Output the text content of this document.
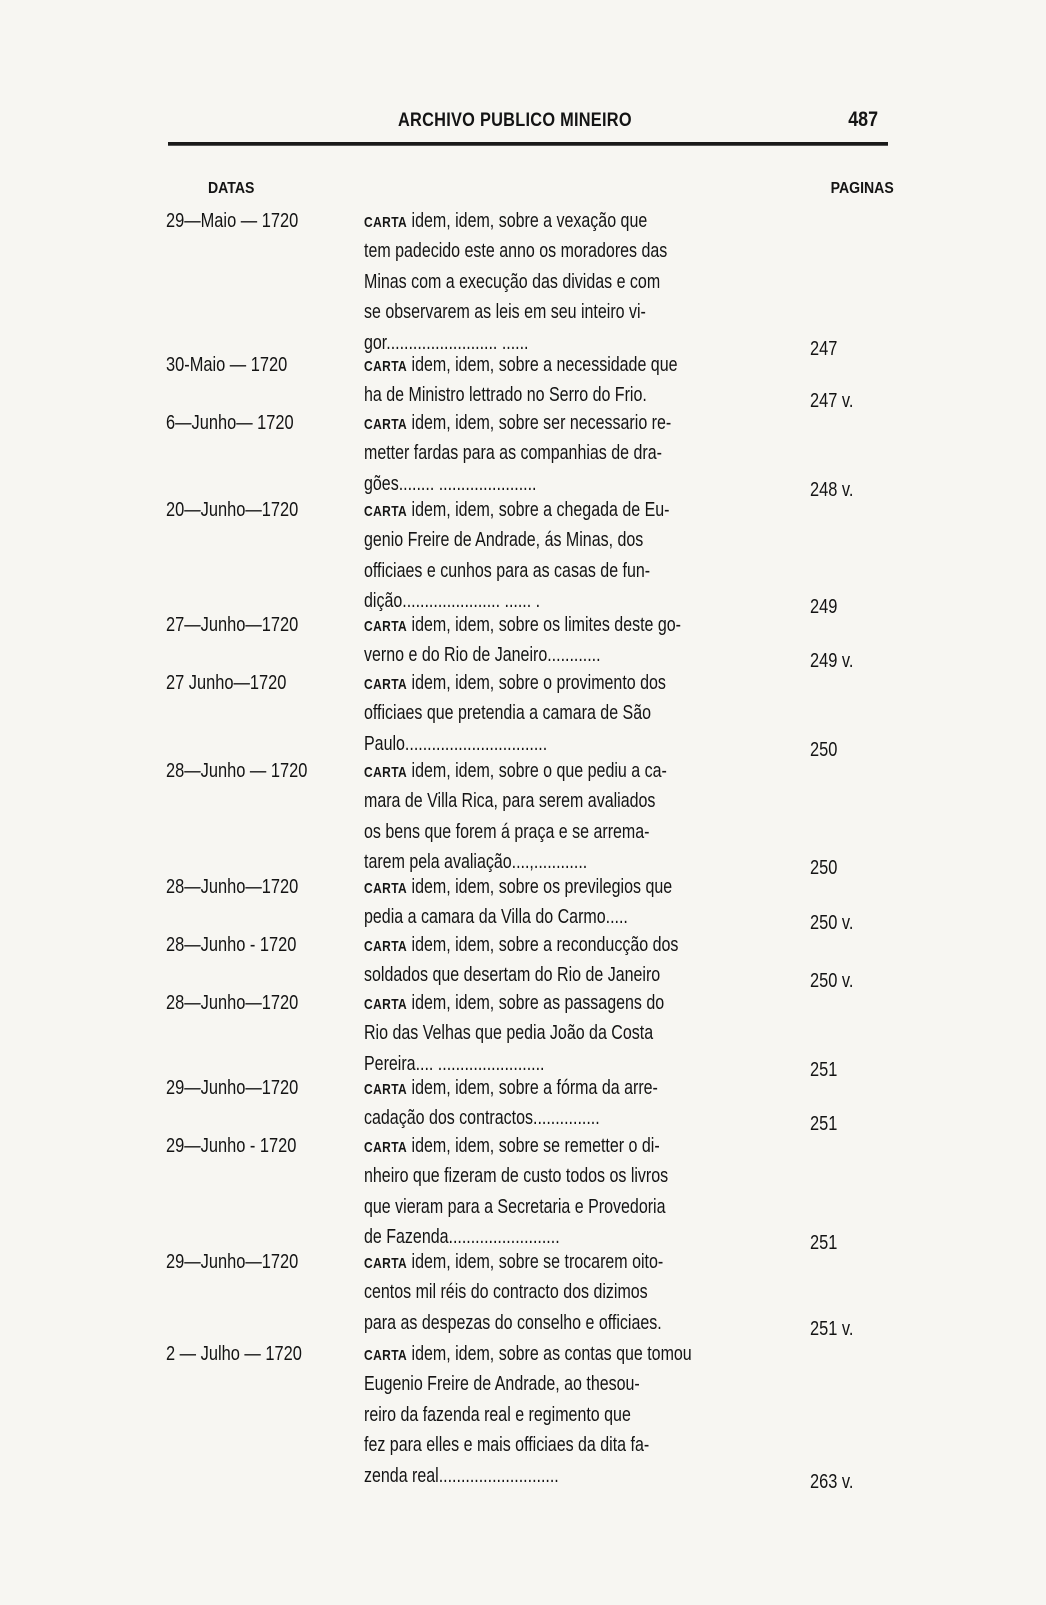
ARCHIVO PUBLICO MINEIRO	487
DATAS	PAGINAS
29—Maio — 1720	CARTA idem, idem, sobre a vexação que
tem padecido este anno os moradores das
Minas com a execução das dividas e com
se observarem as leis em seu inteiro vi-
gor......................... ......	247
30-Maio — 1720	CARTA idem, idem, sobre a necessidade que
ha de Ministro lettrado no Serro do Frio.	247 v.
6—Junho— 1720	CARTA idem, idem, sobre ser necessario re-
metter fardas para as companhias de dra-
gões........ ......................	248 v.
20—Junho—1720	CARTA idem, idem, sobre a chegada de Eu-
genio Freire de Andrade, ás Minas, dos
officiaes e cunhos para as casas de fun-
dição...................... ...... .	249
27—Junho—1720	CARTA idem, idem, sobre os limites deste go-
verno e do Rio de Janeiro............	249 v.
27 Junho—1720	CARTA idem, idem, sobre o provimento dos
officiaes que pretendia a camara de São
Paulo................................	250
28—Junho — 1720	CARTA idem, idem, sobre o que pediu a ca-
mara de Villa Rica, para serem avaliados
os bens que forem á praça e se arrema-
tarem pela avaliação....,............	250
28—Junho—1720	CARTA idem, idem, sobre os previlegios que
pedia a camara da Villa do Carmo.....	250 v.
28—Junho - 1720	CARTA idem, idem, sobre a reconducção dos
soldados que desertam do Rio de Janeiro	250 v.
28—Junho—1720	CARTA idem, idem, sobre as passagens do
Rio das Velhas que pedia João da Costa
Pereira.... ........................	251
29—Junho—1720	CARTA idem, idem, sobre a fórma da arre-
cadação dos contractos...............	251
29—Junho - 1720	CARTA idem, idem, sobre se remetter o di-
nheiro que fizeram de custo todos os livros
que vieram para a Secretaria e Provedoria
de Fazenda.........................	251
29—Junho—1720	CARTA idem, idem, sobre se trocarem oito-
centos mil réis do contracto dos dizimos
para as despezas do conselho e officiaes.	251 v.
2 — Julho — 1720	CARTA idem, idem, sobre as contas que tomou
Eugenio Freire de Andrade, ao thesou-
reiro da fazenda real e regimento que
fez para elles e mais officiaes da dita fa-
zenda real...........................	263 v.
